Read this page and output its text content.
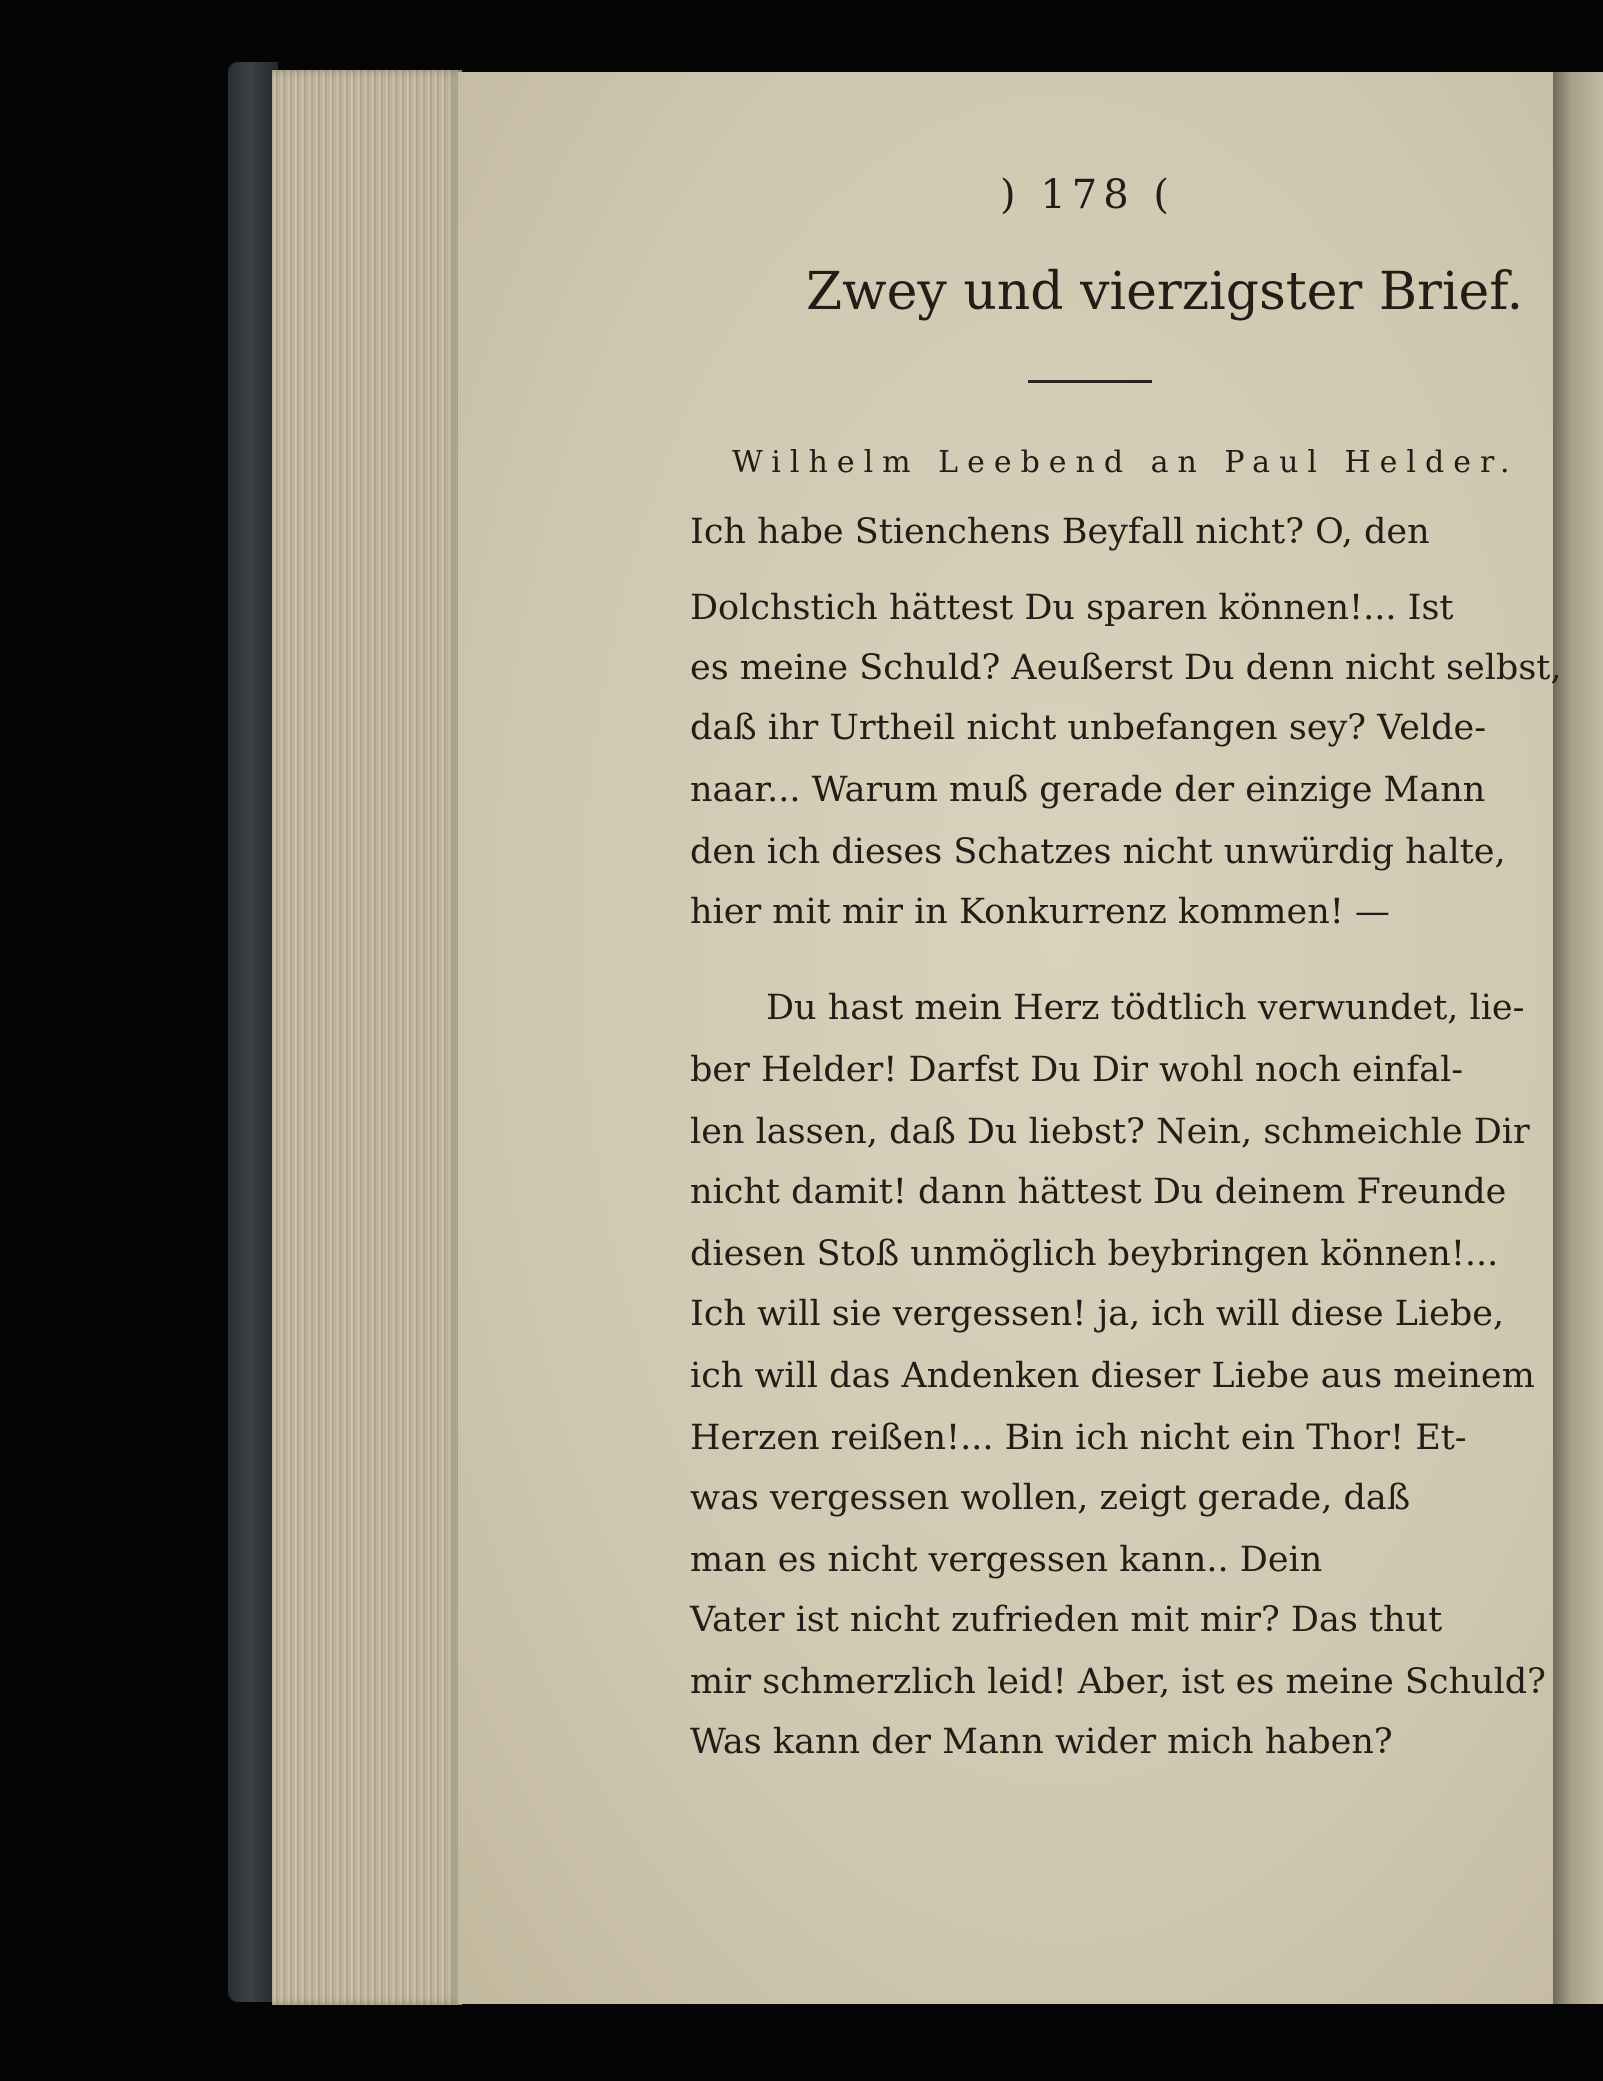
) 178 (
Zwey und vierzigster Brief.
Wilhelm Leebend an Paul Helder.
Ich habe Stienchens Beyfall nicht? O, den
Dolchstich hättest Du sparen können!... Ist
es meine Schuld? Aeußerst Du denn nicht selbst,
daß ihr Urtheil nicht unbefangen sey? Velde-
naar... Warum muß gerade der einzige Mann
den ich dieses Schatzes nicht unwürdig halte,
hier mit mir in Konkurrenz kommen! —
Du hast mein Herz tödtlich verwundet, lie-
ber Helder! Darfst Du Dir wohl noch einfal-
len lassen, daß Du liebst? Nein, schmeichle Dir
nicht damit! dann hättest Du deinem Freunde
diesen Stoß unmöglich beybringen können!...
Ich will sie vergessen! ja, ich will diese Liebe,
ich will das Andenken dieser Liebe aus meinem
Herzen reißen!... Bin ich nicht ein Thor! Et-
was vergessen wollen, zeigt gerade, daß
man es nicht vergessen kann.. Dein
Vater ist nicht zufrieden mit mir? Das thut
mir schmerzlich leid! Aber, ist es meine Schuld?
Was kann der Mann wider mich haben?
